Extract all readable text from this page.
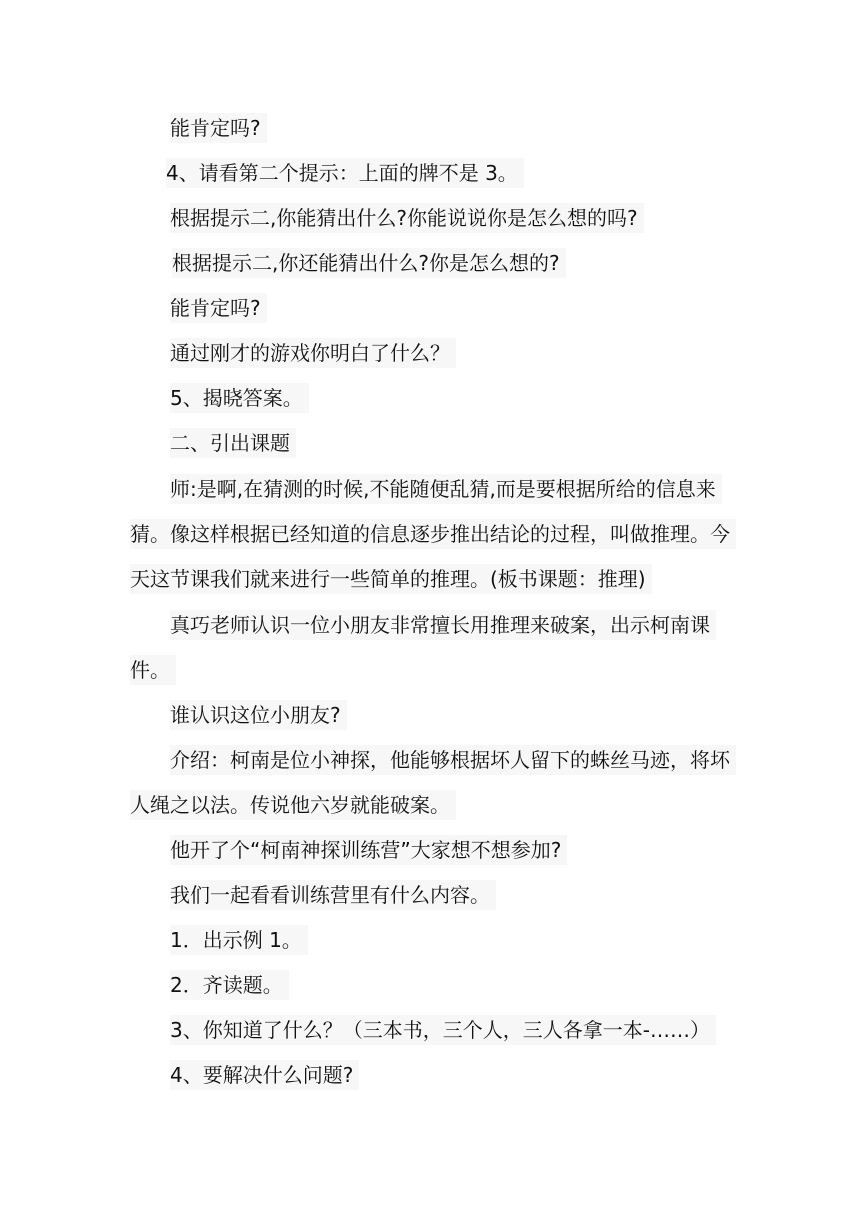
能肯定吗?
4、请看第二个提示：上面的牌不是 3。
根据提示二,你能猜出什么?你能说说你是怎么想的吗?
根据提示二,你还能猜出什么?你是怎么想的?
能肯定吗?
通过刚才的游戏你明白了什么？
5、揭晓答案。
二、引出课题
师:是啊,在猜测的时候,不能随便乱猜,而是要根据所给的信息来
猜。像这样根据已经知道的信息逐步推出结论的过程，叫做推理。今
天这节课我们就来进行一些简单的推理。(板书课题：推理)
真巧老师认识一位小朋友非常擅长用推理来破案，出示柯南课
件。
谁认识这位小朋友?
介绍：柯南是位小神探，他能够根据坏人留下的蛛丝马迹，将坏
人绳之以法。传说他六岁就能破案。
他开了个“柯南神探训练营”大家想不想参加?
我们一起看看训练营里有什么内容。
1．出示例 1。
2．齐读题。
3、你知道了什么？（三本书，三个人，三人各拿一本-……）
4、要解决什么问题?
